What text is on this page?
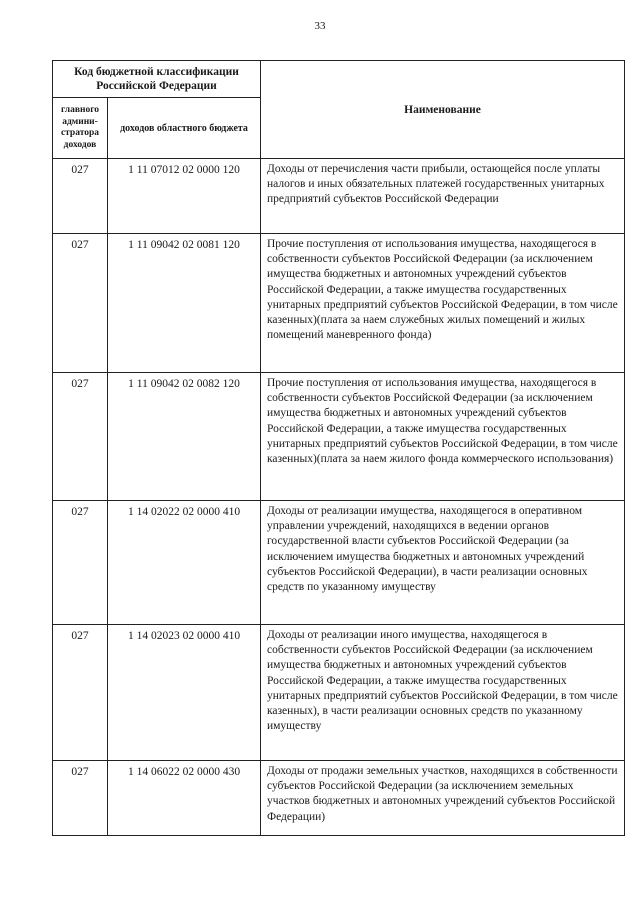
33
Код бюджетной классификации Российской Федерации		Наименование
главного админи- стратора доходов	доходов областного бюджета	
027	1 11 07012 02 0000 120	Доходы от перечисления части прибыли, остающейся после уплаты налогов и иных обязательных платежей государственных унитарных предприятий субъектов Российской Федерации
027	1 11 09042 02 0081 120	Прочие поступления от использования имущества, находящегося в собственности субъектов Российской Федерации (за исключением имущества бюджетных и автономных учреждений субъектов Российской Федерации, а также имущества государственных унитарных предприятий субъектов Российской Федерации, в том числе казенных)(плата за наем служебных жилых помещений и жилых помещений маневренного фонда)
027	1 11 09042 02 0082 120	Прочие поступления от использования имущества, находящегося в собственности субъектов Российской Федерации (за исключением имущества бюджетных и автономных учреждений субъектов Российской Федерации, а также имущества государственных унитарных предприятий субъектов Российской Федерации, в том числе казенных)(плата за наем жилого фонда коммерческого использования)
027	1 14 02022 02 0000 410	Доходы от реализации имущества, находящегося в оперативном управлении учреждений, находящихся в ведении органов государственной власти субъектов Российской Федерации (за исключением имущества бюджетных и автономных учреждений субъектов Российской Федерации), в части реализации основных средств по указанному имуществу
027	1 14 02023 02 0000 410	Доходы от реализации иного имущества, находящегося в собственности субъектов Российской Федерации (за исключением имущества бюджетных и автономных учреждений субъектов Российской Федерации, а также имущества государственных унитарных предприятий субъектов Российской Федерации, в том числе казенных), в части реализации основных средств по указанному имуществу
027	1 14 06022 02 0000 430	Доходы от продажи земельных участков, находящихся в собственности субъектов Российской Федерации (за исключением земельных участков бюджетных и автономных учреждений субъектов Российской Федерации)
